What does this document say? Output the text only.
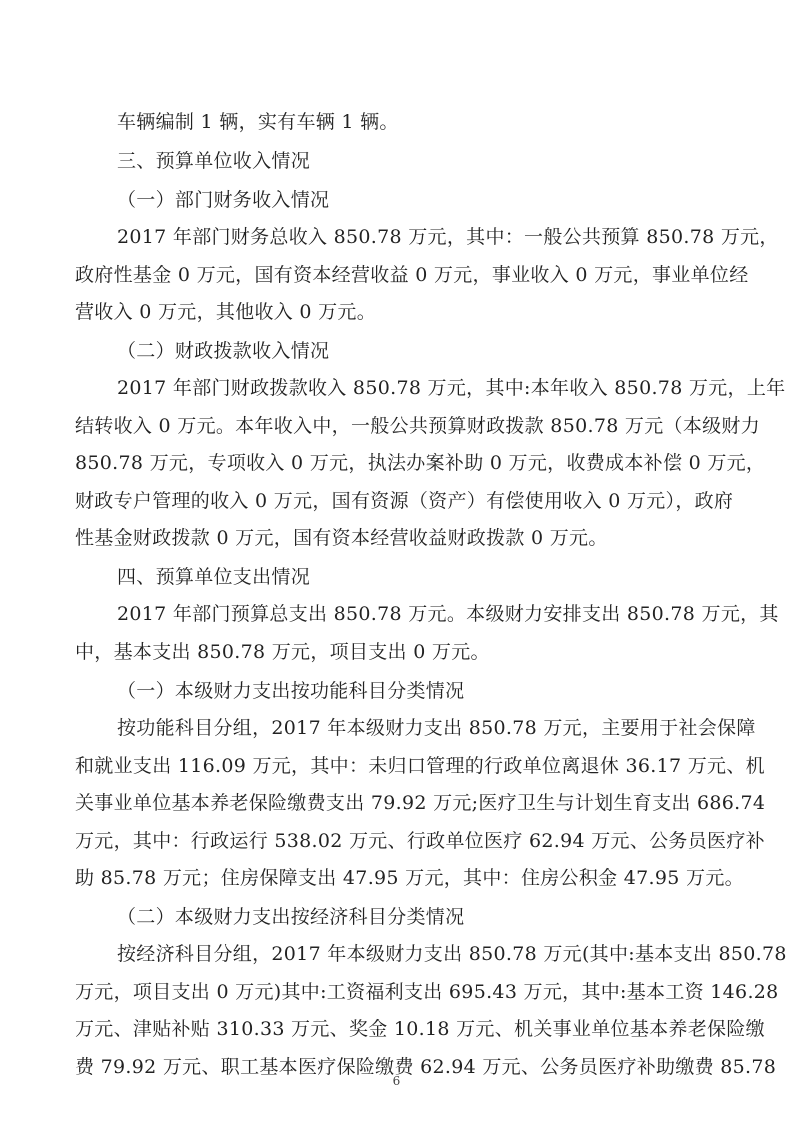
车辆编制 1 辆，实有车辆 1 辆。
三、预算单位收入情况
（一）部门财务收入情况
2017 年部门财务总收入 850.78 万元，其中：一般公共预算 850.78 万元，
政府性基金 0 万元，国有资本经营收益 0 万元，事业收入 0 万元，事业单位经
营收入 0 万元，其他收入 0 万元。
（二）财政拨款收入情况
2017 年部门财政拨款收入 850.78 万元，其中:本年收入 850.78 万元，上年
结转收入 0 万元。本年收入中，一般公共预算财政拨款 850.78 万元（本级财力
850.78 万元，专项收入 0 万元，执法办案补助 0 万元，收费成本补偿 0 万元，
财政专户管理的收入 0 万元，国有资源（资产）有偿使用收入 0 万元），政府
性基金财政拨款 0 万元，国有资本经营收益财政拨款 0 万元。
四、预算单位支出情况
2017 年部门预算总支出 850.78 万元。本级财力安排支出 850.78 万元，其
中，基本支出 850.78 万元，项目支出 0 万元。
（一）本级财力支出按功能科目分类情况
按功能科目分组，2017 年本级财力支出 850.78 万元，主要用于社会保障
和就业支出 116.09 万元，其中：未归口管理的行政单位离退休 36.17 万元、机
关事业单位基本养老保险缴费支出 79.92 万元;医疗卫生与计划生育支出 686.74
万元，其中：行政运行 538.02 万元、行政单位医疗 62.94 万元、公务员医疗补
助 85.78 万元；住房保障支出 47.95 万元，其中：住房公积金 47.95 万元。
（二）本级财力支出按经济科目分类情况
按经济科目分组，2017 年本级财力支出 850.78 万元(其中:基本支出 850.78
万元，项目支出 0 万元)其中:工资福利支出 695.43 万元，其中:基本工资 146.28
万元、津贴补贴 310.33 万元、奖金 10.18 万元、机关事业单位基本养老保险缴
费 79.92 万元、职工基本医疗保险缴费 62.94 万元、公务员医疗补助缴费 85.78
6
